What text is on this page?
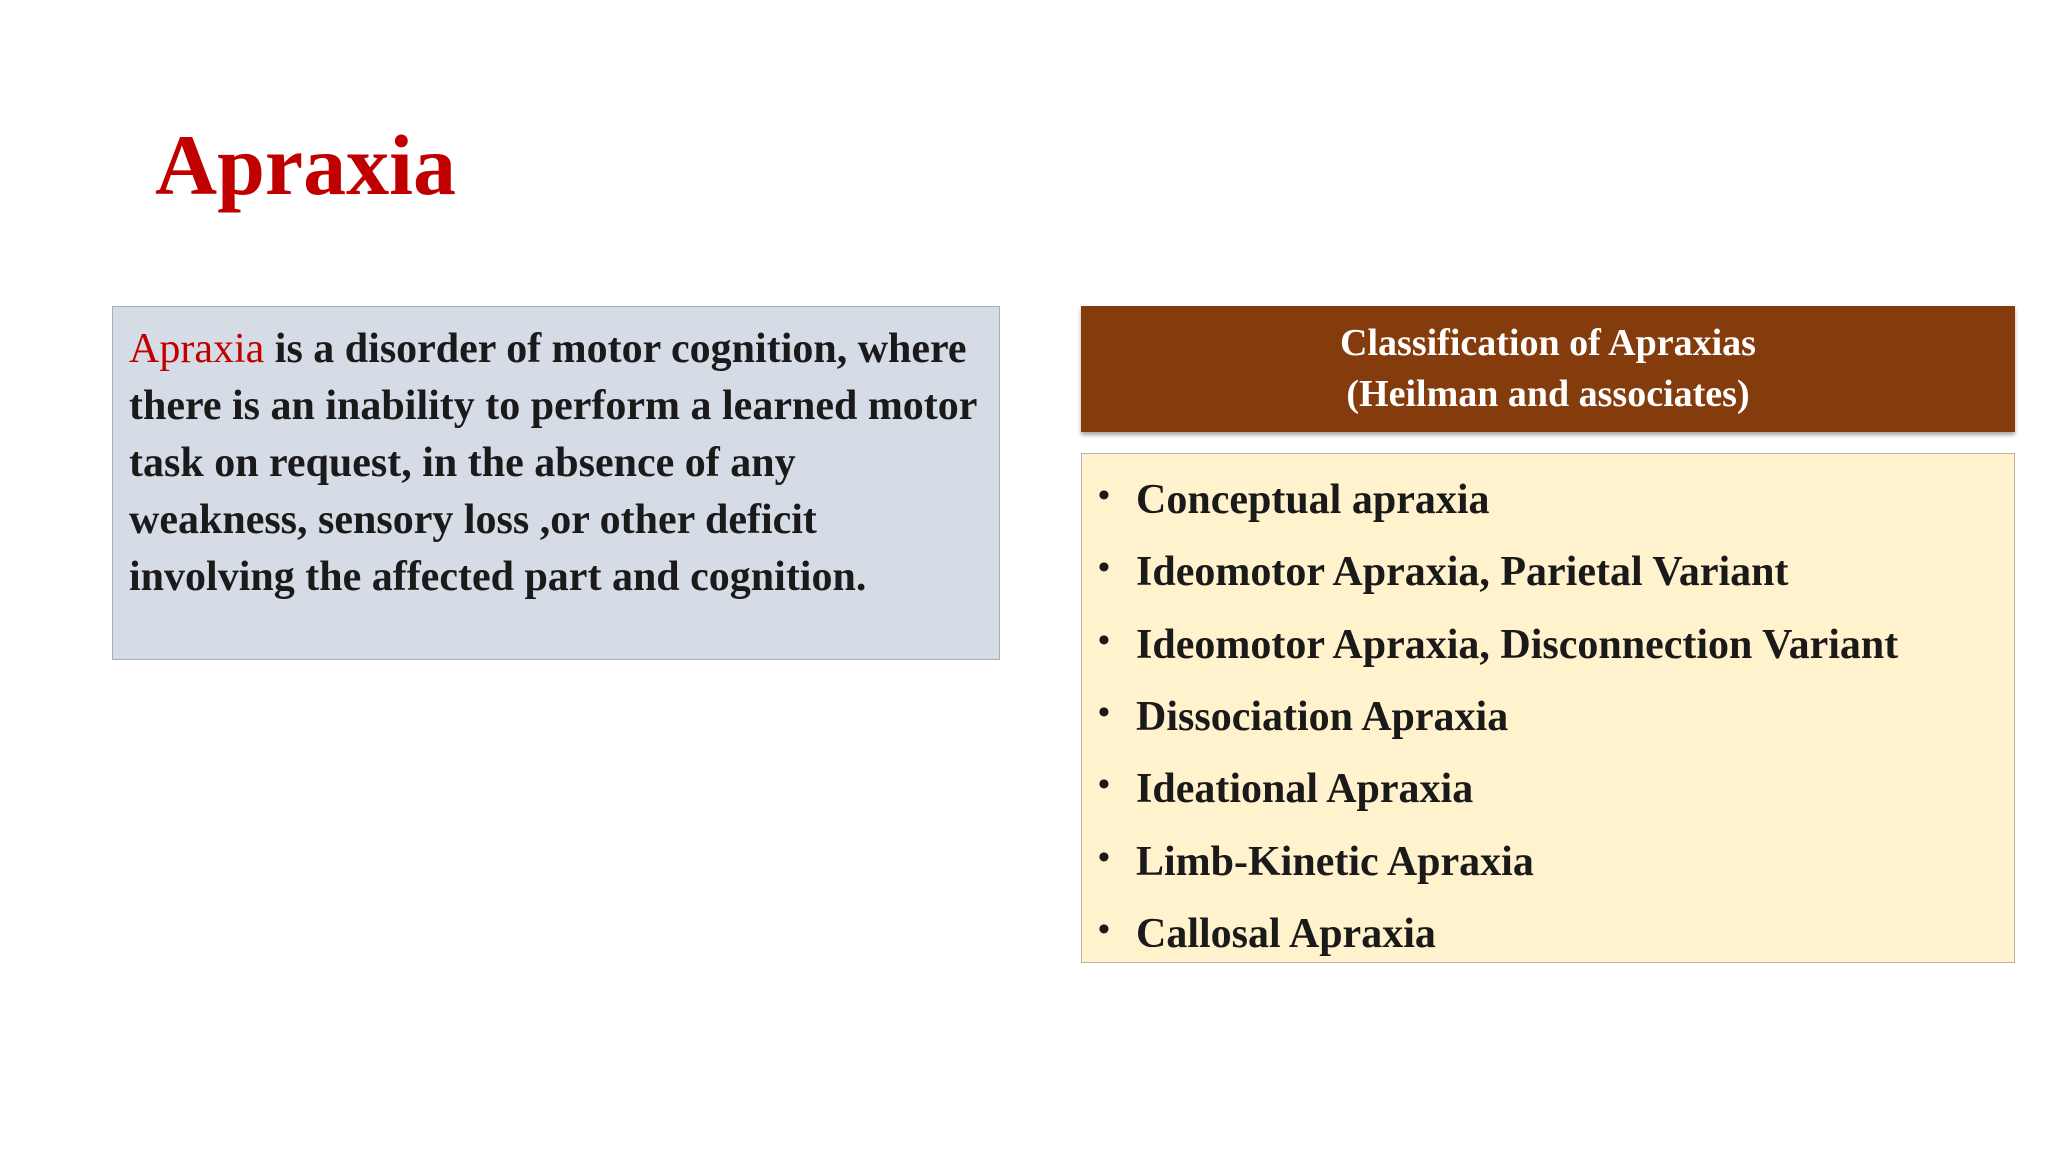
Apraxia

Apraxia is a disorder of motor cognition, where there is an inability to perform a learned motor task on request, in the absence of any weakness, sensory loss ,or other deficit involving the affected part and cognition.

Classification of Apraxias
(Heilman and associates)
• Conceptual apraxia
• Ideomotor Apraxia, Parietal Variant
• Ideomotor Apraxia, Disconnection Variant
• Dissociation Apraxia
• Ideational Apraxia
• Limb-Kinetic Apraxia
• Callosal Apraxia
